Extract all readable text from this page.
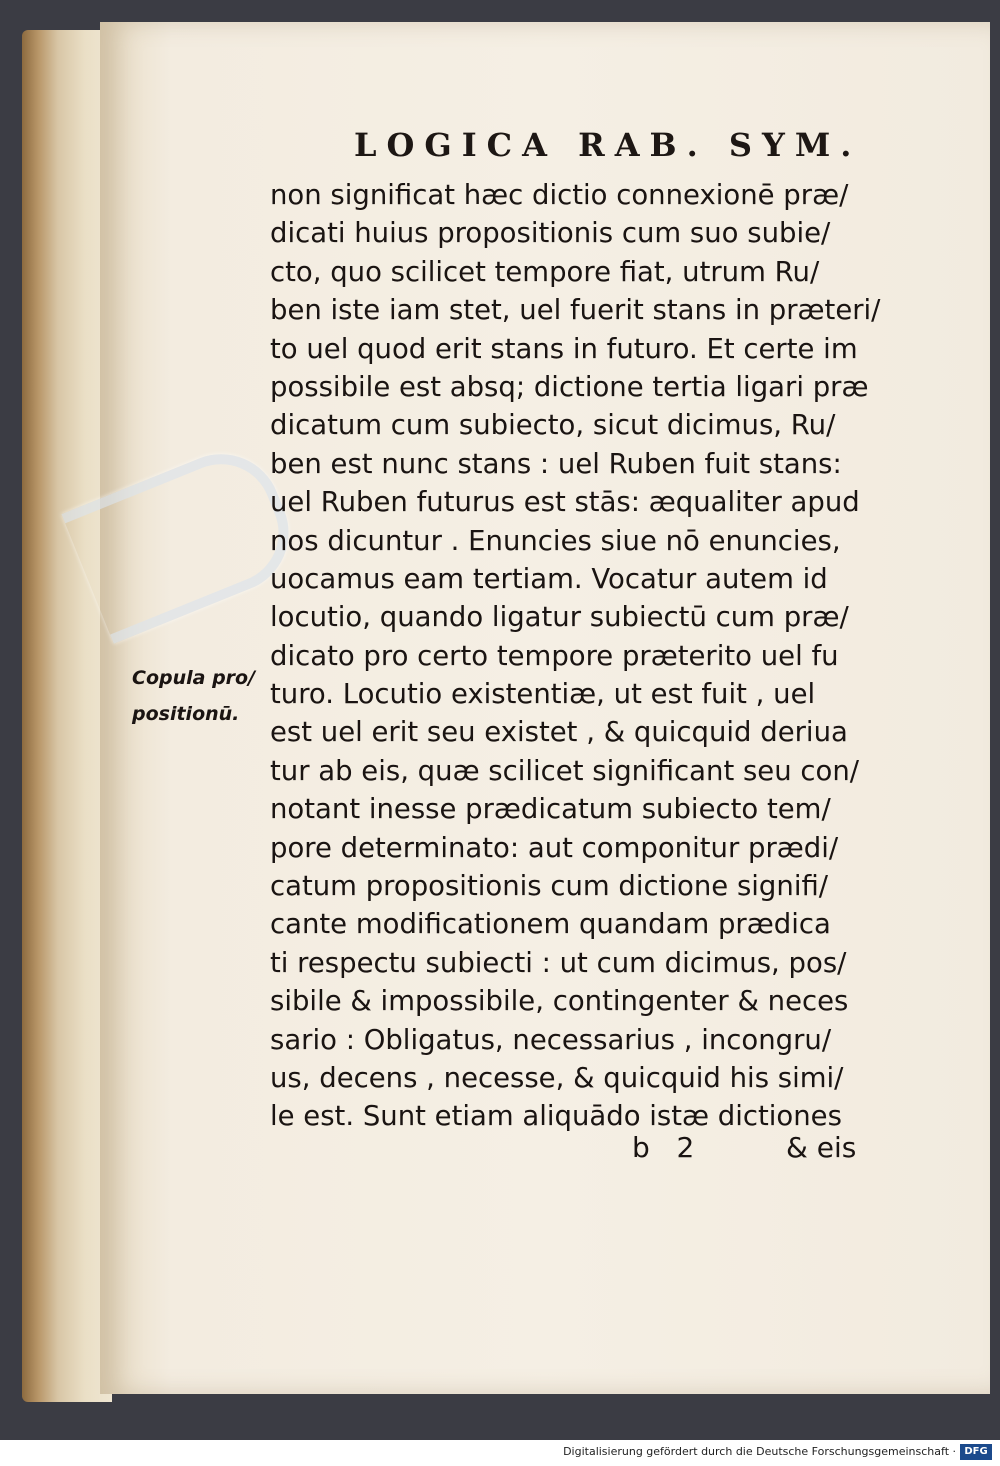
LOGICA RAB. SYM.
non significat hæc dictio connexionē præ/
dicati huius propositionis cum suo subie/
cto, quo scilicet tempore fiat, utrum Ru/
ben iste iam stet, uel fuerit stans in præteri/
to uel quod erit stans in futuro. Et certe im
possibile est absq; dictione tertia ligari præ
dicatum cum subiecto, sicut dicimus, Ru/
ben est nunc stans : uel Ruben fuit stans:
uel Ruben futurus est stās: æqualiter apud
nos dicuntur . Enuncies siue nō enuncies,
uocamus eam tertiam. Vocatur autem id
locutio, quando ligatur subiectū cum præ/
dicato pro certo tempore præterito uel fu
turo. Locutio existentiæ, ut est fuit , uel
est uel erit seu existet , & quicquid deriua
tur ab eis, quæ scilicet significant seu con/
notant inesse prædicatum subiecto tem/
pore determinato: aut componitur prædi/
catum propositionis cum dictione signifi/
cante modificationem quandam prædica
ti respectu subiecti : ut cum dicimus, pos/
sibile & impossibile, contingenter & neces
sario : Obligatus, necessarius , incongru/
us, decens , necesse, & quicquid his simi/
le est. Sunt etiam aliquādo istæ dictiones
Copula pro/
positionū.
b   2	& eis
Digitalisierung gefördert durch die Deutsche Forschungsgemeinschaft · DFG
